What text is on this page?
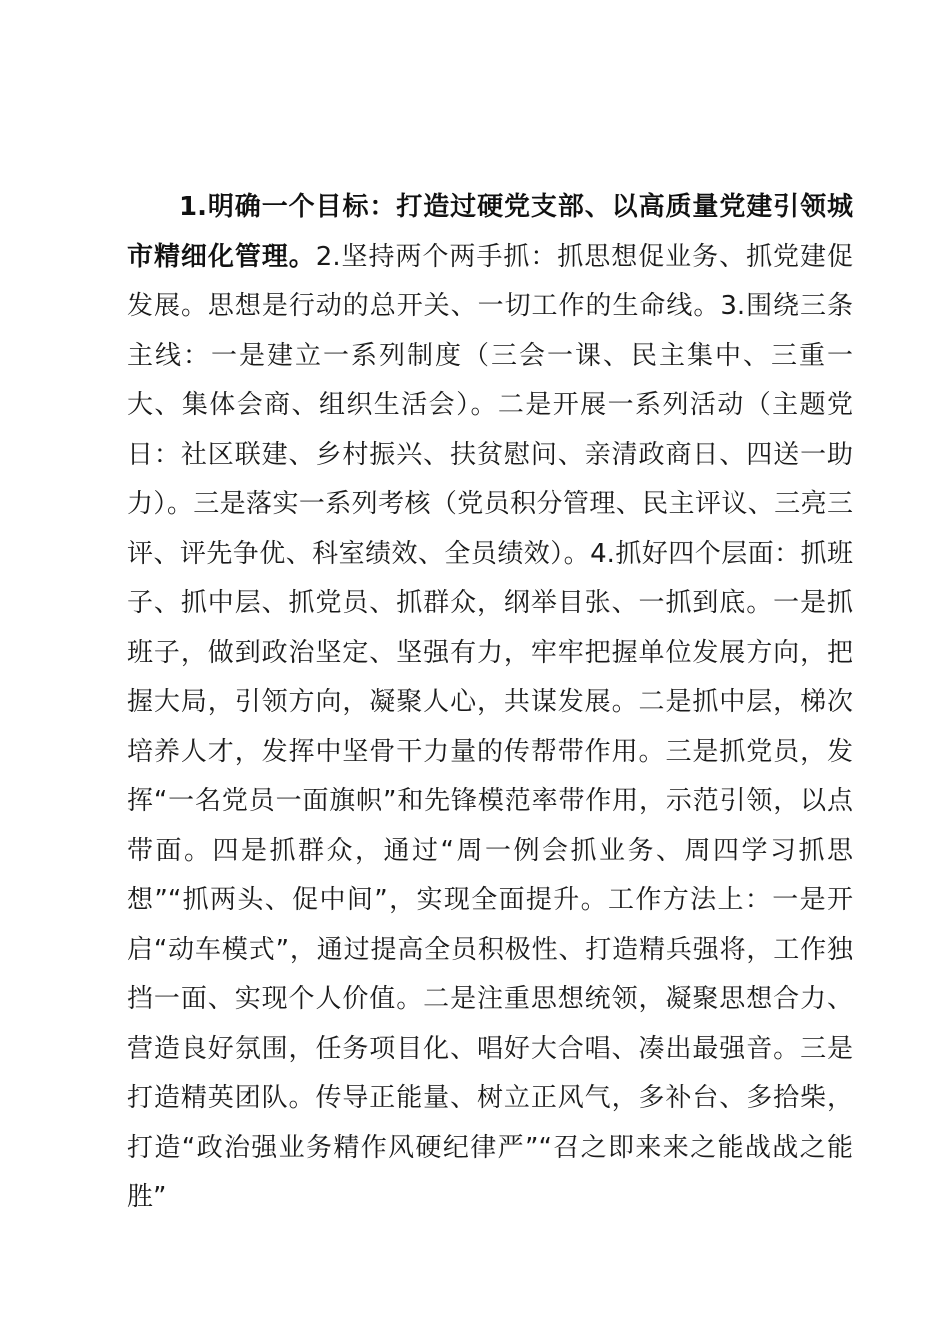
1.明确一个目标：打造过硬党支部、以高质量党建引领城市精细化管理。2.坚持两个两手抓：抓思想促业务、抓党建促发展。思想是行动的总开关、一切工作的生命线。3.围绕三条主线：一是建立一系列制度（三会一课、民主集中、三重一大、集体会商、组织生活会）。二是开展一系列活动（主题党日：社区联建、乡村振兴、扶贫慰问、亲清政商日、四送一助力）。三是落实一系列考核（党员积分管理、民主评议、三亮三评、评先争优、科室绩效、全员绩效）。4.抓好四个层面：抓班子、抓中层、抓党员、抓群众，纲举目张、一抓到底。一是抓班子，做到政治坚定、坚强有力，牢牢把握单位发展方向，把握大局，引领方向，凝聚人心，共谋发展。二是抓中层，梯次培养人才，发挥中坚骨干力量的传帮带作用。三是抓党员，发挥“一名党员一面旗帜”和先锋模范率带作用，示范引领，以点带面。四是抓群众，通过“周一例会抓业务、周四学习抓思想”“抓两头、促中间”，实现全面提升。工作方法上：一是开启“动车模式”，通过提高全员积极性、打造精兵强将，工作独挡一面、实现个人价值。二是注重思想统领，凝聚思想合力、营造良好氛围，任务项目化、唱好大合唱、凑出最强音。三是打造精英团队。传导正能量、树立正风气，多补台、多拾柴，打造“政治强业务精作风硬纪律严”“召之即来来之能战战之能胜”
